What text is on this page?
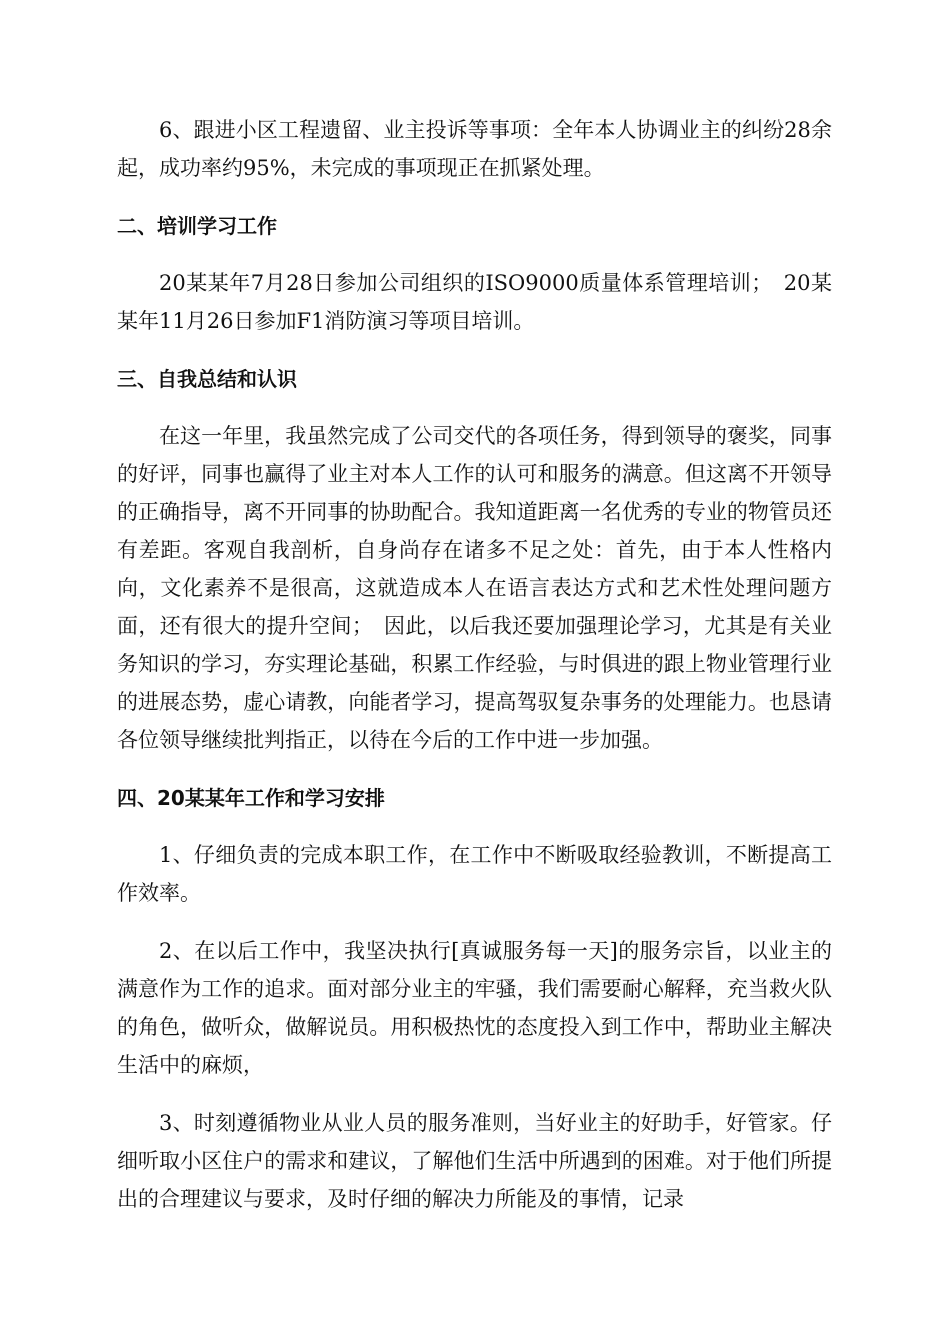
6、跟进小区工程遗留、业主投诉等事项：全年本人协调业主的纠纷28余起，成功率约95%，未完成的事项现正在抓紧处理。

二、培训学习工作

20某某年7月28日参加公司组织的ISO9000质量体系管理培训；　20某某年11月26日参加F1消防演习等项目培训。

三、自我总结和认识

在这一年里，我虽然完成了公司交代的各项任务，得到领导的褒奖，同事的好评，同事也赢得了业主对本人工作的认可和服务的满意。但这离不开领导的正确指导，离不开同事的协助配合。我知道距离一名优秀的专业的物管员还有差距。客观自我剖析，自身尚存在诸多不足之处：首先，由于本人性格内向，文化素养不是很高，这就造成本人在语言表达方式和艺术性处理问题方面，还有很大的提升空间；　因此，以后我还要加强理论学习，尤其是有关业务知识的学习，夯实理论基础，积累工作经验，与时俱进的跟上物业管理行业的进展态势，虚心请教，向能者学习，提高驾驭复杂事务的处理能力。也恳请各位领导继续批判指正，以待在今后的工作中进一步加强。

四、20某某年工作和学习安排

1、仔细负责的完成本职工作，在工作中不断吸取经验教训，不断提高工作效率。

2、在以后工作中，我坚决执行[真诚服务每一天]的服务宗旨，以业主的满意作为工作的追求。面对部分业主的牢骚，我们需要耐心解释，充当救火队的角色，做听众，做解说员。用积极热忱的态度投入到工作中，帮助业主解决生活中的麻烦，

3、时刻遵循物业从业人员的服务准则，当好业主的好助手，好管家。仔细听取小区住户的需求和建议，了解他们生活中所遇到的困难。对于他们所提出的合理建议与要求，及时仔细的解决力所能及的事情，记录
